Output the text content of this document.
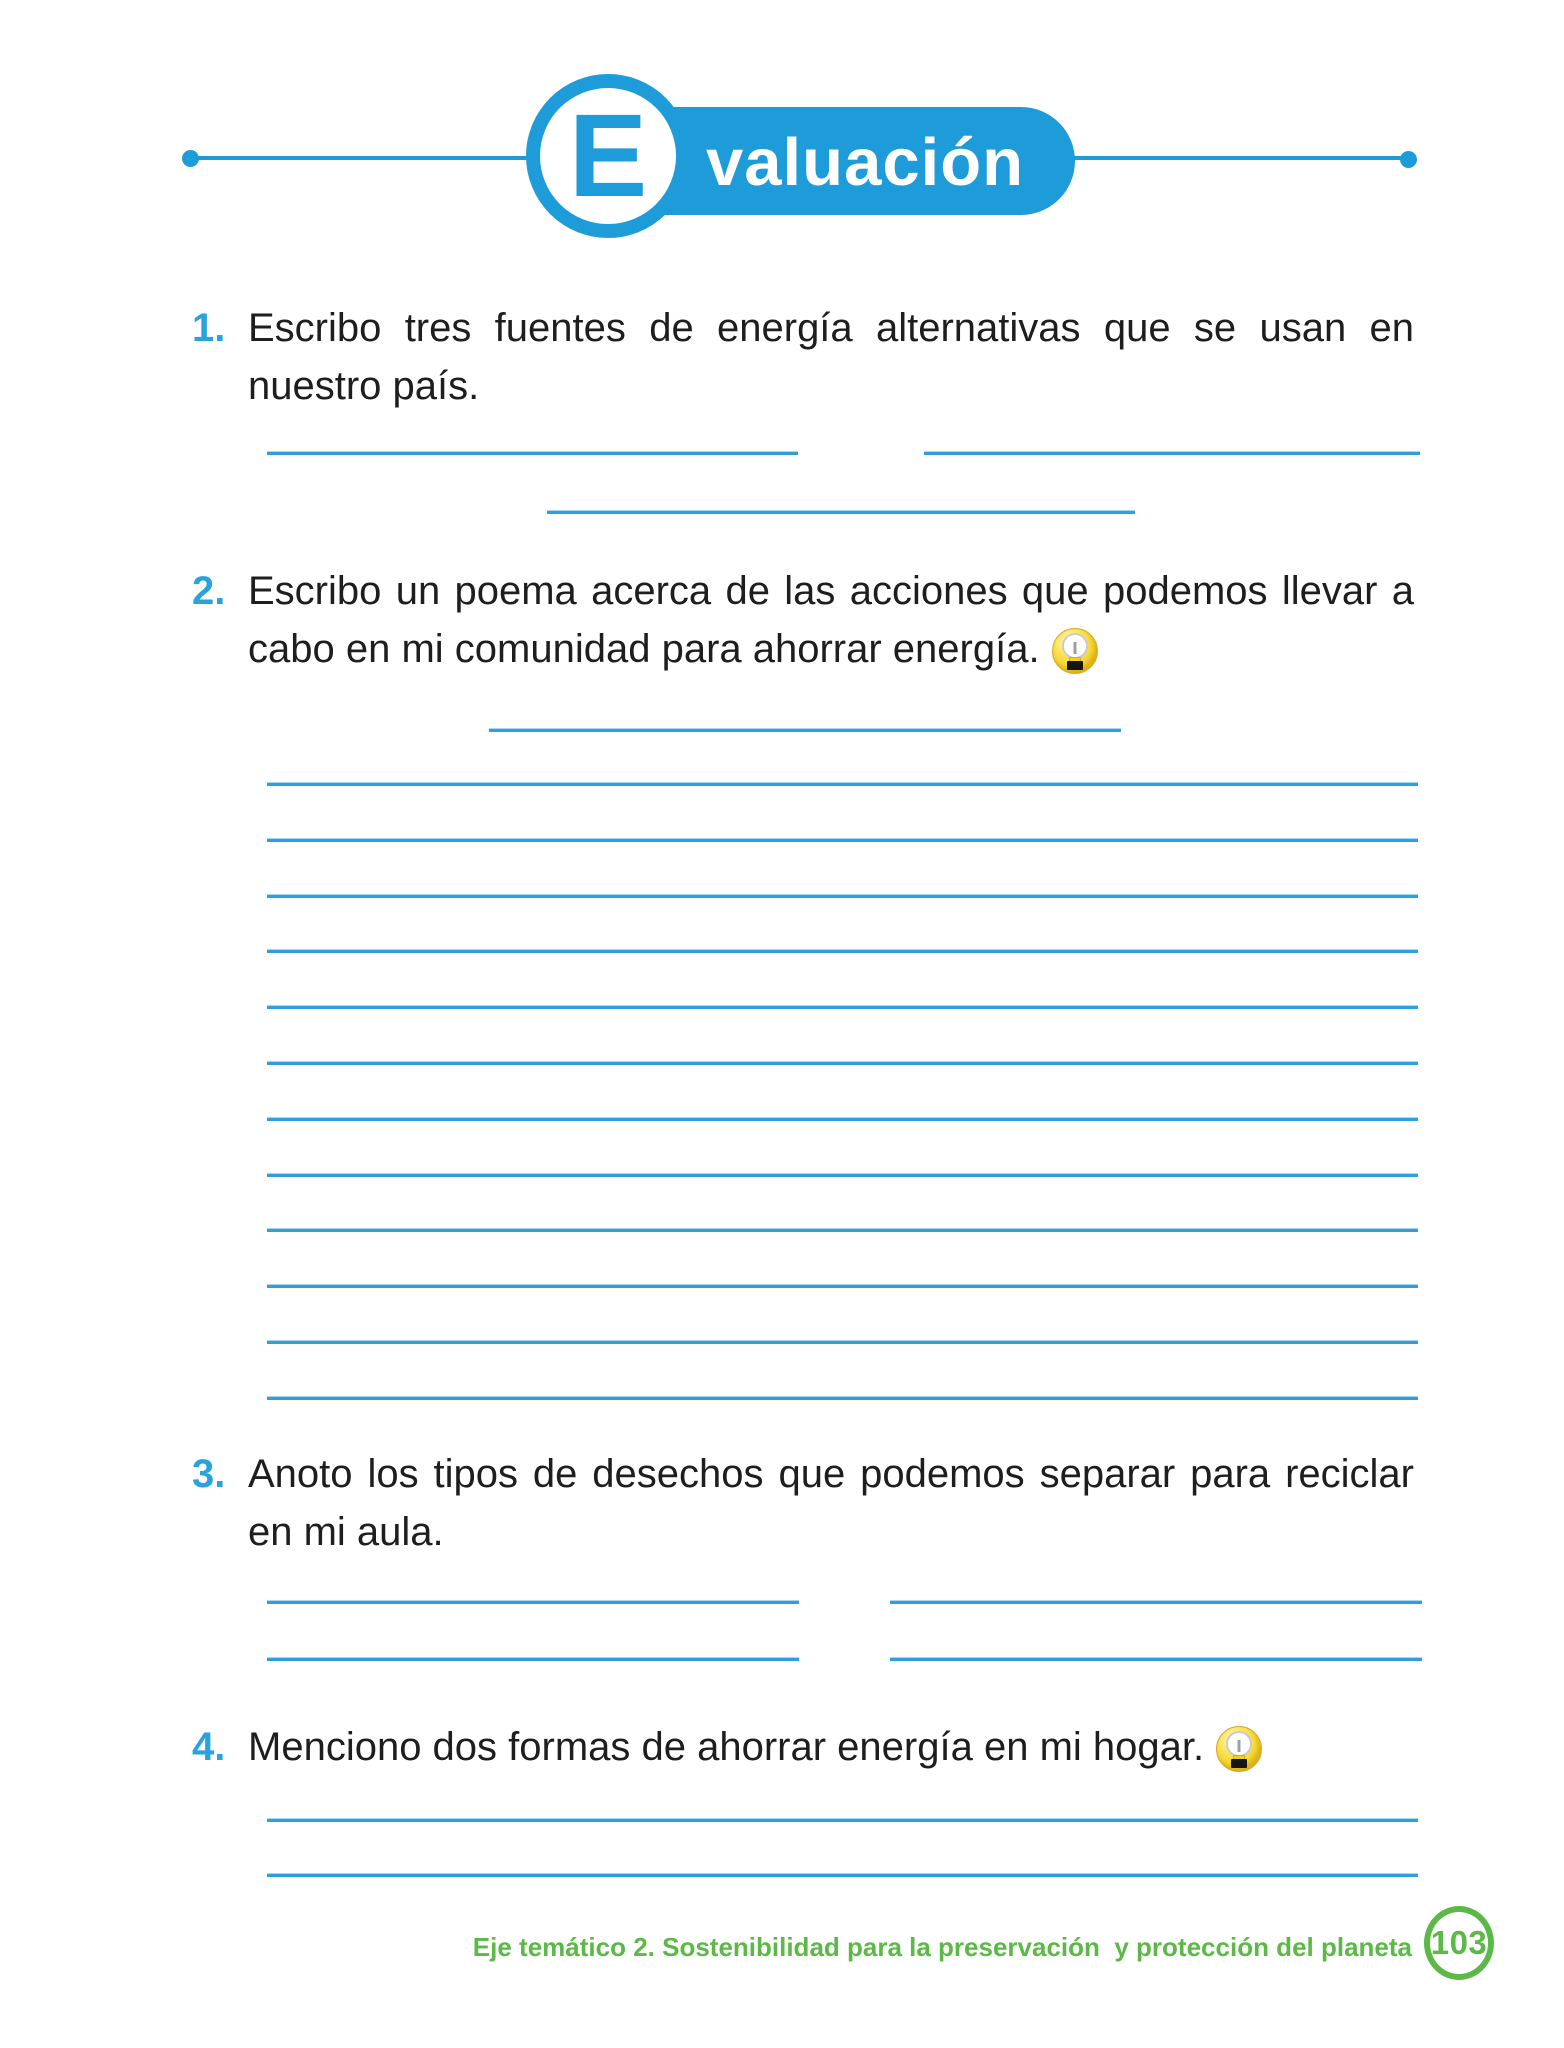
valuación
E
1. Escribo tres fuentes de energía alternativas que se usan en
nuestro país.
2. Escribo un poema acerca de las acciones que podemos llevar a
cabo en mi comunidad para ahorrar energía.
3. Anoto los tipos de desechos que podemos separar para reciclar
en mi aula.
4. Menciono dos formas de ahorrar energía en mi hogar.
Eje temático 2. Sostenibilidad para la preservación  y protección del planeta 103
